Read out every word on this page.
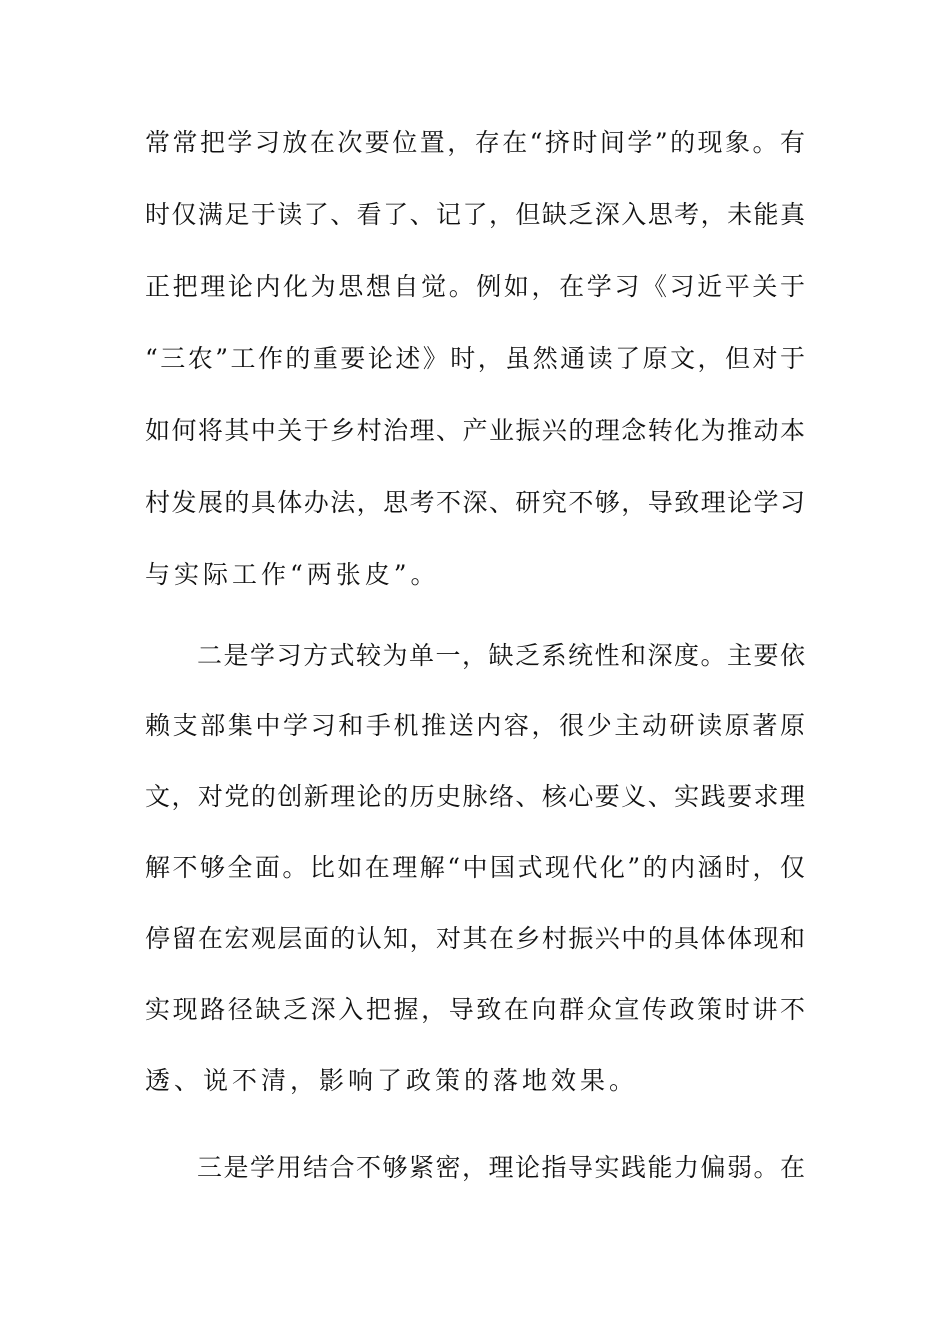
常常把学习放在次要位置，存在“挤时间学”的现象。有
时仅满足于读了、看了、记了，但缺乏深入思考，未能真
正把理论内化为思想自觉。例如，在学习《习近平关于
“三农”工作的重要论述》时，虽然通读了原文，但对于
如何将其中关于乡村治理、产业振兴的理念转化为推动本
村发展的具体办法，思考不深、研究不够，导致理论学习
与实际工作“两张皮”。
二是学习方式较为单一，缺乏系统性和深度。主要依
赖支部集中学习和手机推送内容，很少主动研读原著原
文，对党的创新理论的历史脉络、核心要义、实践要求理
解不够全面。比如在理解“中国式现代化”的内涵时，仅
停留在宏观层面的认知，对其在乡村振兴中的具体体现和
实现路径缺乏深入把握，导致在向群众宣传政策时讲不
透、说不清，影响了政策的落地效果。
三是学用结合不够紧密，理论指导实践能力偏弱。在
